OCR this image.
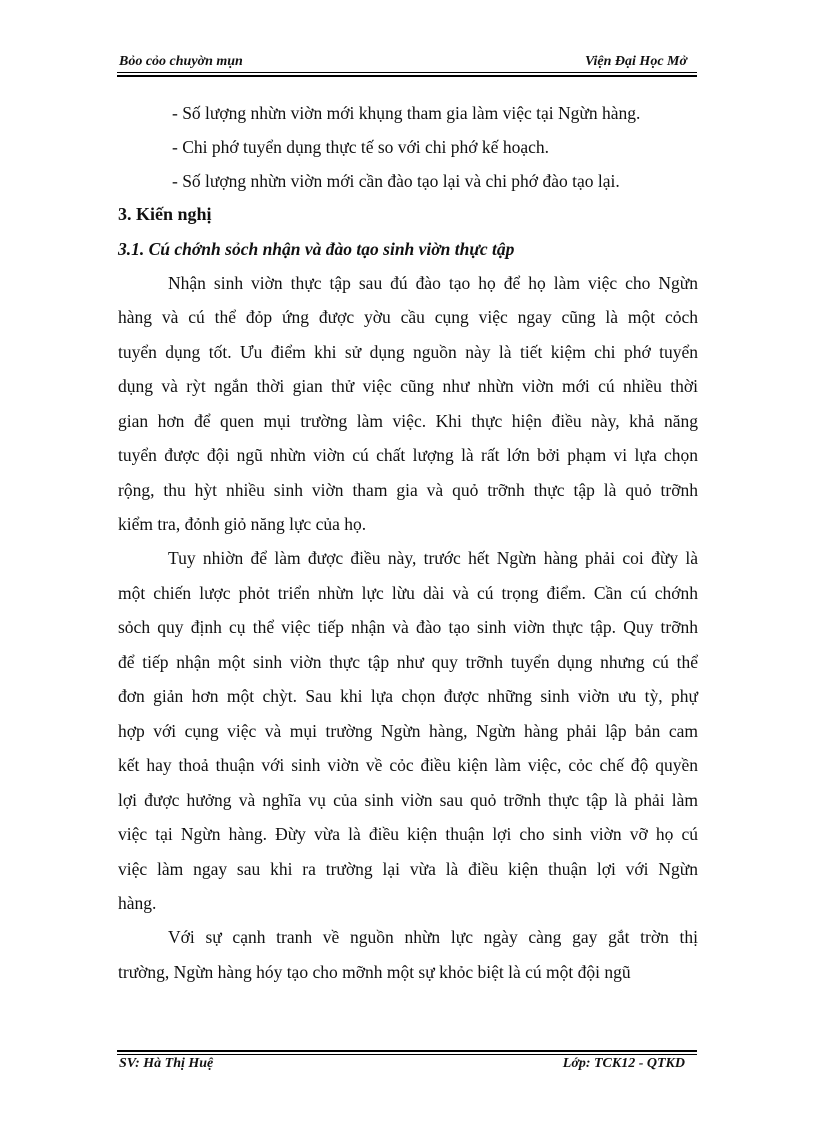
Bỏo cỏo chuyờn mụn	Viện Đại Học Mở
- Số lượng nhừn viờn mới khụng tham gia làm việc tại Ngừn hàng.
- Chi phớ tuyển dụng thực tế so với chi phớ kế hoạch.
- Số lượng nhừn viờn mới cần đào tạo lại và chi phớ đào tạo lại.
3. Kiến nghị
3.1. Cú chớnh sỏch nhận và đào tạo sinh viờn thực tập
Nhận sinh viờn thực tập sau đú đào tạo họ để họ làm việc cho Ngừn
hàng và cú thể đỏp ứng được yờu cầu cụng việc ngay cũng là một cỏch
tuyển dụng tốt. Ưu điểm khi sử dụng nguồn này là tiết kiệm chi phớ tuyển
dụng và rỳt ngắn thời gian thử việc cũng như nhừn viờn mới cú nhiều thời
gian hơn để quen mụi trường làm việc. Khi thực hiện điều này, khả năng
tuyển được đội ngũ nhừn viờn cú chất lượng là rất lớn bởi phạm vi lựa chọn
rộng, thu hỳt nhiều sinh viờn tham gia và quỏ trỡnh thực tập là quỏ trỡnh
kiểm tra, đỏnh giỏ năng lực của họ.
Tuy nhiờn để làm được điều này, trước hết Ngừn hàng phải coi đừy là
một chiến lược phỏt triển nhừn lực lừu dài và cú trọng điểm. Cần cú chớnh
sỏch quy định cụ thể việc tiếp nhận và đào tạo sinh viờn thực tập. Quy trỡnh
để tiếp nhận một sinh viờn thực tập như quy trỡnh tuyển dụng nhưng cú thể
đơn giản hơn một chỳt. Sau khi lựa chọn được những sinh viờn ưu tỳ, phự
hợp với cụng việc và mụi trường Ngừn hàng, Ngừn hàng phải lập bản cam
kết hay thoả thuận với sinh viờn về cỏc điều kiện làm việc, cỏc chế độ quyền
lợi được hưởng và nghĩa vụ của sinh viờn sau quỏ trỡnh thực tập là phải làm
việc tại Ngừn hàng. Đừy vừa là điều kiện thuận lợi cho sinh viờn vỡ họ cú
việc làm ngay sau khi ra trường lại vừa là điều kiện thuận lợi với Ngừn
hàng.
Với sự cạnh tranh về nguồn nhừn lực ngày càng gay gắt trờn thị
trường, Ngừn hàng hóy tạo cho mỡnh một sự khỏc biệt là cú một đội ngũ
SV: Hà Thị Huệ	Lớp: TCK12 - QTKD
